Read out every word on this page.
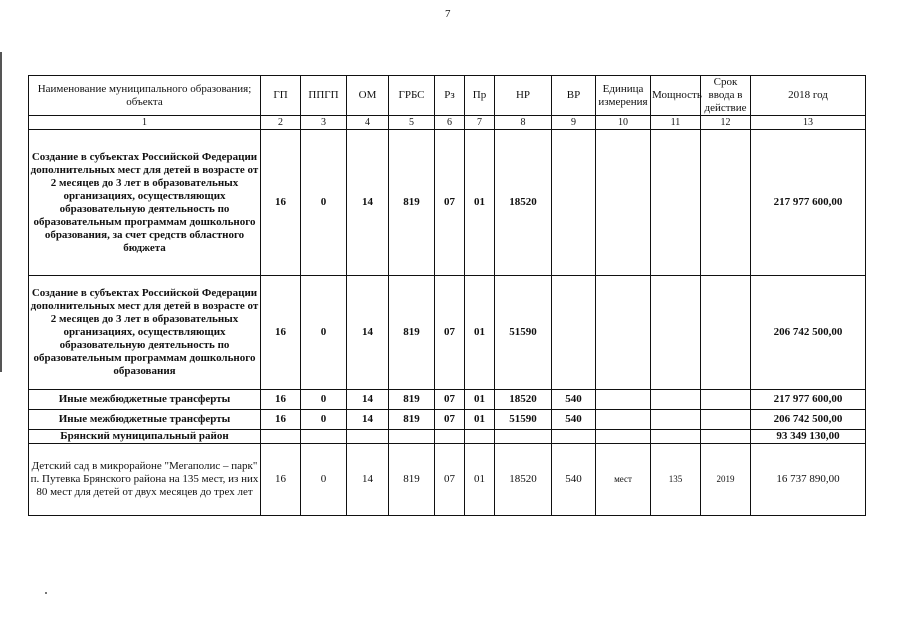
7
Наименование муниципального образования; объекта	ГП	ППГП	ОМ	ГРБС	Рз	Пр	НР	ВР	Единица измерения	Мощность	Срок ввода в действие	2018 год
1	2	3	4	5	6	7	8	9	10	11	12	13
Создание в субъектах Российской Федерации дополнительных мест для детей в возрасте от 2 месяцев до 3 лет в образовательных организациях, осуществляющих образовательную деятельность по образовательным программам дошкольного образования, за счет средств областного бюджета	16	0	14	819	07	01	18520					217 977 600,00
Создание в субъектах Российской Федерации дополнительных мест для детей в возрасте от 2 месяцев до 3 лет в образовательных организациях, осуществляющих образовательную деятельность по образовательным программам дошкольного образования	16	0	14	819	07	01	51590					206 742 500,00
Иные межбюджетные трансферты	16	0	14	819	07	01	18520	540				217 977 600,00
Иные межбюджетные трансферты	16	0	14	819	07	01	51590	540				206 742 500,00
Брянский муниципальный район												93 349 130,00
Детский сад в микрорайоне "Мегаполис – парк" п. Путевка Брянского района на 135 мест, из них 80 мест для детей от двух месяцев до трех лет	16	0	14	819	07	01	18520	540	мест	135	2019	16 737 890,00
